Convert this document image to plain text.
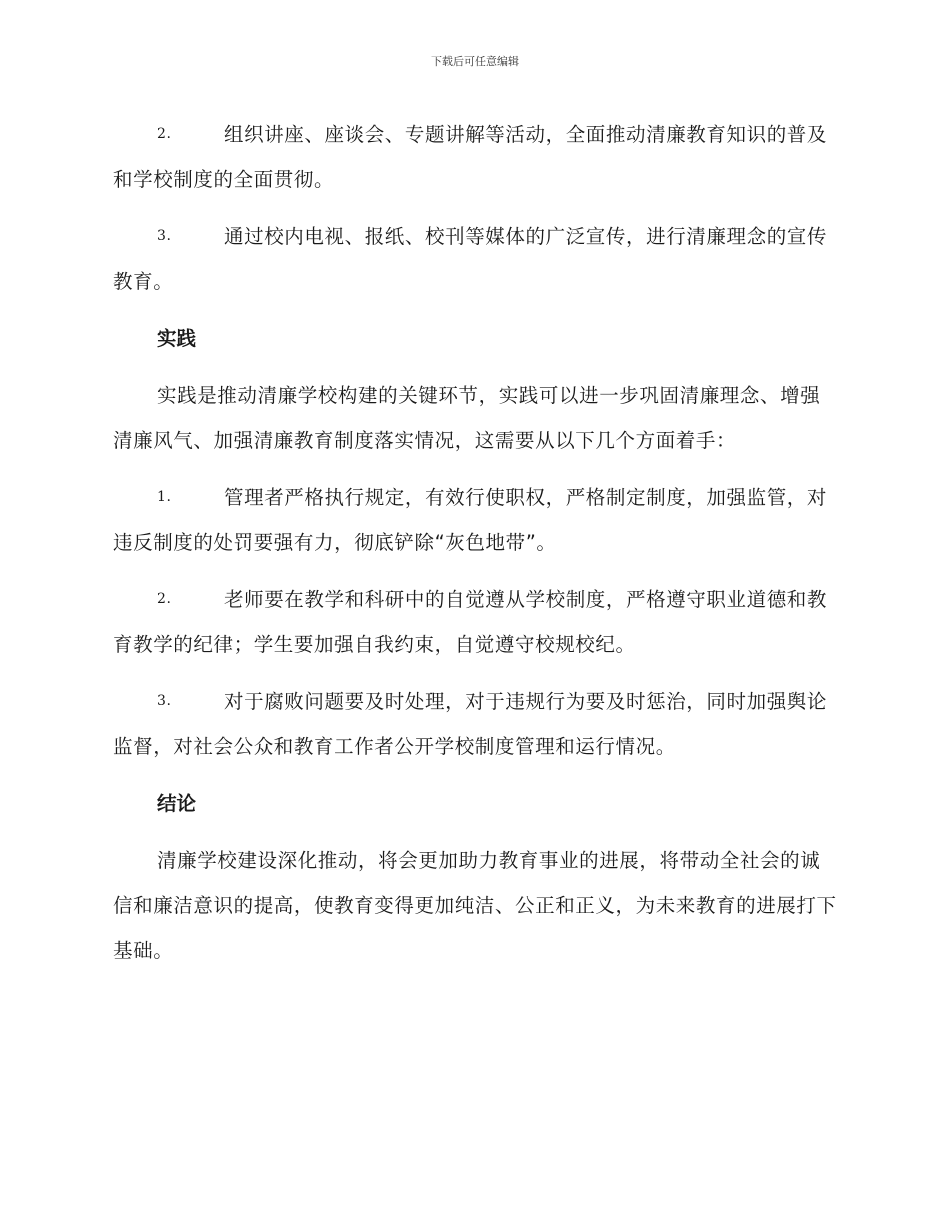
下载后可任意编辑

2.	组织讲座、座谈会、专题讲解等活动，全面推动清廉教育知识的普及和学校制度的全面贯彻。

3.	通过校内电视、报纸、校刊等媒体的广泛宣传，进行清廉理念的宣传教育。

实践

实践是推动清廉学校构建的关键环节，实践可以进一步巩固清廉理念、增强清廉风气、加强清廉教育制度落实情况，这需要从以下几个方面着手：

1.	管理者严格执行规定，有效行使职权，严格制定制度，加强监管，对违反制度的处罚要强有力，彻底铲除“灰色地带”。

2.	老师要在教学和科研中的自觉遵从学校制度，严格遵守职业道德和教育教学的纪律；学生要加强自我约束，自觉遵守校规校纪。

3.	对于腐败问题要及时处理，对于违规行为要及时惩治，同时加强舆论监督，对社会公众和教育工作者公开学校制度管理和运行情况。

结论

清廉学校建设深化推动，将会更加助力教育事业的进展，将带动全社会的诚信和廉洁意识的提高，使教育变得更加纯洁、公正和正义，为未来教育的进展打下基础。
